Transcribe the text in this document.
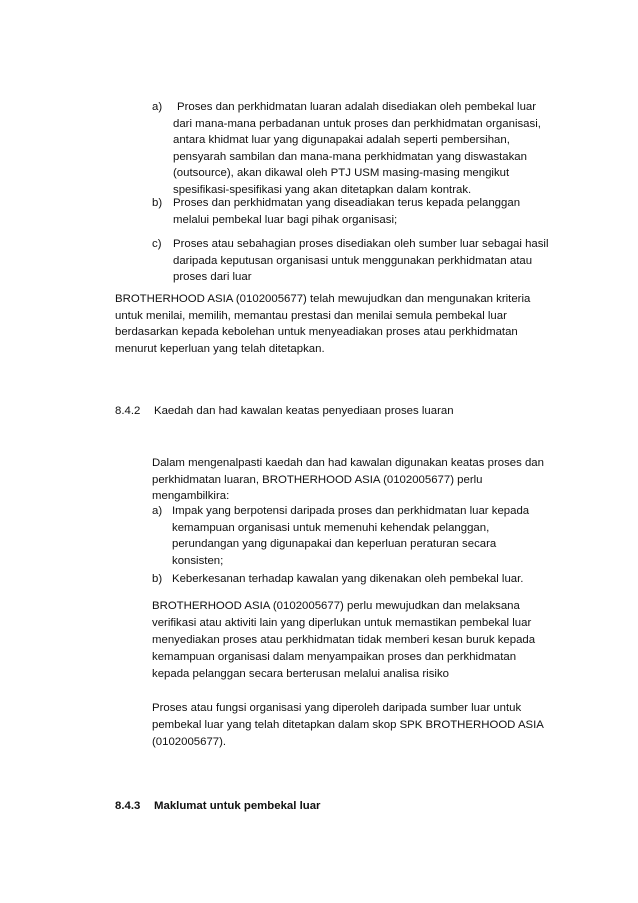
a) Proses dan perkhidmatan luaran adalah disediakan oleh pembekal luar
dari mana-mana perbadanan untuk proses dan perkhidmatan organisasi,
antara khidmat luar yang digunapakai adalah seperti pembersihan,
pensyarah sambilan dan mana-mana perkhidmatan yang diswastakan
(outsource), akan dikawal oleh PTJ USM masing-masing mengikut
spesifikasi-spesifikasi yang akan ditetapkan dalam kontrak.
b) Proses dan perkhidmatan yang diseadiakan terus kepada pelanggan
melalui pembekal luar bagi pihak organisasi;
c) Proses atau sebahagian proses disediakan oleh sumber luar sebagai hasil
daripada keputusan organisasi untuk menggunakan perkhidmatan atau
proses dari luar
BROTHERHOOD ASIA (0102005677) telah mewujudkan dan mengunakan kriteria
untuk menilai, memilih, memantau prestasi dan menilai semula pembekal luar
berdasarkan kepada kebolehan untuk menyeadiakan proses atau perkhidmatan
menurut keperluan yang telah ditetapkan.
8.4.2 Kaedah dan had kawalan keatas penyediaan proses luaran
Dalam mengenalpasti kaedah dan had kawalan digunakan keatas proses dan
perkhidmatan luaran, BROTHERHOOD ASIA (0102005677) perlu
mengambilkira:
a) Impak yang berpotensi daripada proses dan perkhidmatan luar kepada
kemampuan organisasi untuk memenuhi kehendak pelanggan,
perundangan yang digunapakai dan keperluan peraturan secara
konsisten;
b) Keberkesanan terhadap kawalan yang dikenakan oleh pembekal luar.
BROTHERHOOD ASIA (0102005677) perlu mewujudkan dan melaksana
verifikasi atau aktiviti lain yang diperlukan untuk memastikan pembekal luar
menyediakan proses atau perkhidmatan tidak memberi kesan buruk kepada
kemampuan organisasi dalam menyampaikan proses dan perkhidmatan
kepada pelanggan secara berterusan melalui analisa risiko
Proses atau fungsi organisasi yang diperoleh daripada sumber luar untuk
pembekal luar yang telah ditetapkan dalam skop SPK BROTHERHOOD ASIA
(0102005677).
8.4.3 Maklumat untuk pembekal luar
